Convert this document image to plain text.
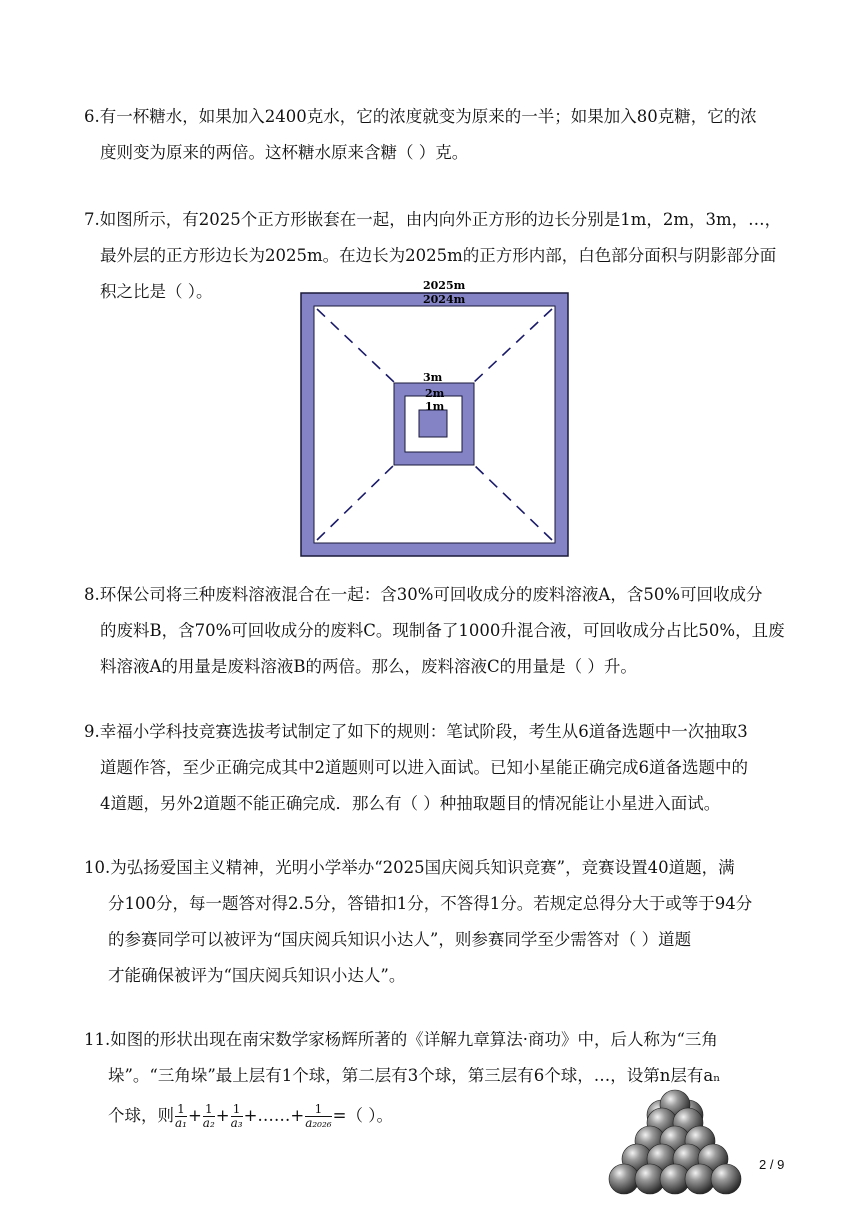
6.有一杯糖水，如果加入2400克水，它的浓度就变为原来的一半；如果加入80克糖，它的浓
度则变为原来的两倍。这杯糖水原来含糖（ ）克。
7.如图所示，有2025个正方形嵌套在一起，由内向外正方形的边长分别是1m，2m，3m，…，
最外层的正方形边长为2025m。在边长为2025m的正方形内部，白色部分面积与阴影部分面
积之比是（ ）。	2025m
2024m
3m
2m
1m
8.环保公司将三种废料溶液混合在一起：含30%可回收成分的废料溶液A，含50%可回收成分
的废料B，含70%可回收成分的废料C。现制备了1000升混合液，可回收成分占比50%，且废
料溶液A的用量是废料溶液B的两倍。那么，废料溶液C的用量是（ ）升。
9.幸福小学科技竞赛选拔考试制定了如下的规则：笔试阶段，考生从6道备选题中一次抽取3
道题作答，至少正确完成其中2道题则可以进入面试。已知小星能正确完成6道备选题中的
4道题，另外2道题不能正确完成．那么有（ ）种抽取题目的情况能让小星进入面试。
10.为弘扬爱国主义精神，光明小学举办“2025国庆阅兵知识竞赛”，竞赛设置40道题，满
分100分，每一题答对得2.5分，答错扣1分，不答得1分。若规定总得分大于或等于94分
的参赛同学可以被评为“国庆阅兵知识小达人”，则参赛同学至少需答对（ ）道题
才能确保被评为“国庆阅兵知识小达人”。
11.如图的形状出现在南宋数学家杨辉所著的《详解九章算法·商功》中，后人称为“三角
垛”。“三角垛”最上层有1个球，第二层有3个球，第三层有6个球，…，设第n层有aₙ
个球，则 $\frac{1}{\text{a₁}} + \frac{1}{\text{a₂}} + \frac{1}{\text{a₃}}$ +……+ $\frac{1}{\text{a₂₀₂₆}}$ =（ ）。
2 / 9
